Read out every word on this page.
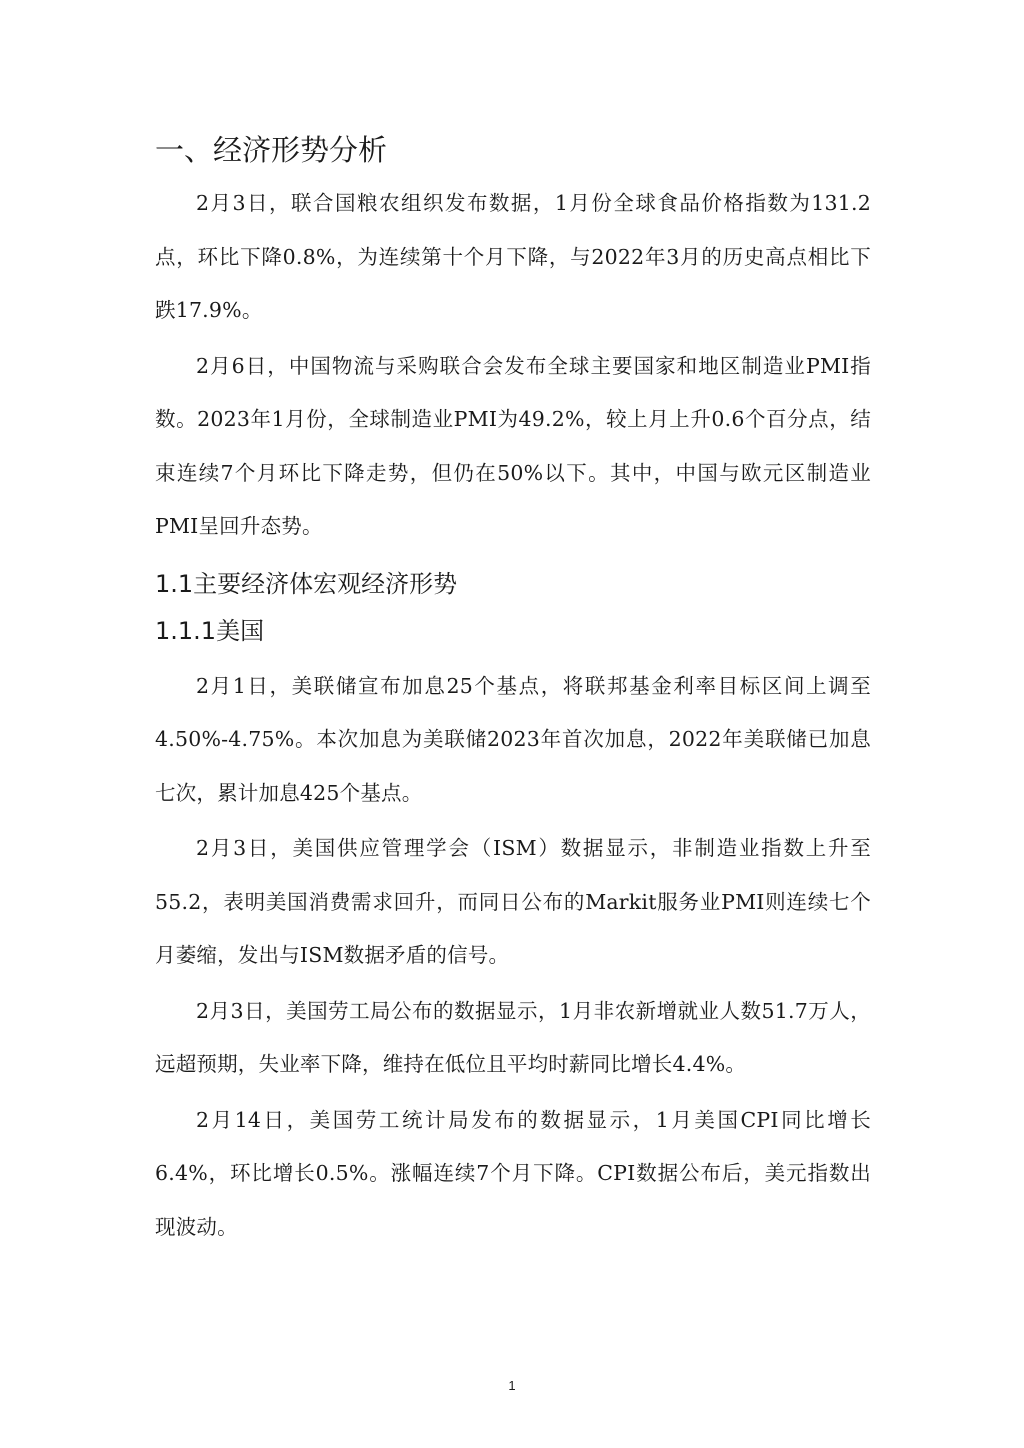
一、经济形势分析

2月3日，联合国粮农组织发布数据，1月份全球食品价格指数为131.2点，环比下降0.8%，为连续第十个月下降，与2022年3月的历史高点相比下跌17.9%。

2月6日，中国物流与采购联合会发布全球主要国家和地区制造业PMI指数。2023年1月份，全球制造业PMI为49.2%，较上月上升0.6个百分点，结束连续7个月环比下降走势，但仍在50%以下。其中，中国与欧元区制造业PMI呈回升态势。

1.1主要经济体宏观经济形势
1.1.1美国

2月1日，美联储宣布加息25个基点，将联邦基金利率目标区间上调至4.50%-4.75%。本次加息为美联储2023年首次加息，2022年美联储已加息七次，累计加息425个基点。

2月3日，美国供应管理学会（ISM）数据显示，非制造业指数上升至55.2，表明美国消费需求回升，而同日公布的Markit服务业PMI则连续七个月萎缩，发出与ISM数据矛盾的信号。

2月3日，美国劳工局公布的数据显示，1月非农新增就业人数51.7万人，远超预期，失业率下降，维持在低位且平均时薪同比增长4.4%。

2月14日，美国劳工统计局发布的数据显示，1月美国CPI同比增长6.4%，环比增长0.5%。涨幅连续7个月下降。CPI数据公布后，美元指数出现波动。

1
